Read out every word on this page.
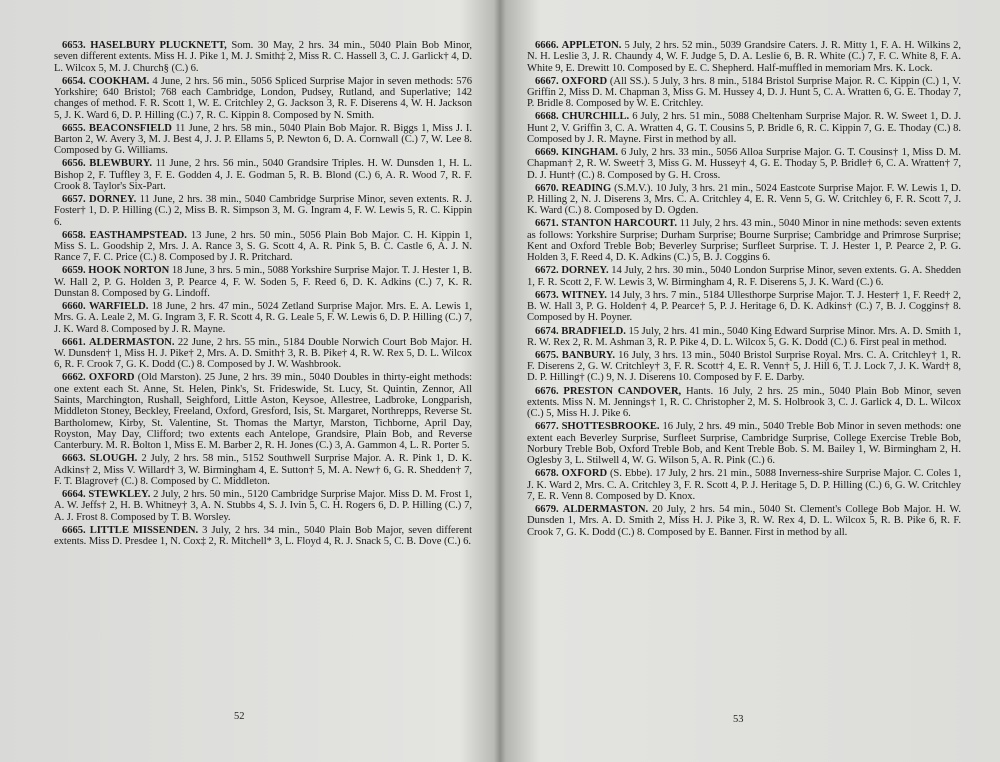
6653. HASELBURY PLUCKNETT, Som. 30 May, 2 hrs. 34 min., 5040 Plain Bob Minor, seven different extents. Miss H. J. Pike 1, M. J. Smith‡ 2, Miss R. C. Hassell 3, C. J. Garlick† 4, D. L. Wilcox 5, M. J. Church§ (C.) 6.

6654. COOKHAM. 4 June, 2 hrs. 56 min., 5056 Spliced Surprise Major in seven methods: 576 Yorkshire; 640 Bristol; 768 each Cambridge, London, Pudsey, Rutland, and Superlative; 142 changes of method. F. R. Scott 1, W. E. Critchley 2, G. Jackson 3, R. F. Diserens 4, W. H. Jackson 5, J. K. Ward 6, D. P. Hilling (C.) 7, R. C. Kippin 8. Composed by N. Smith.

6655. BEACONSFIELD 11 June, 2 hrs. 58 min., 5040 Plain Bob Major. R. Biggs 1, Miss J. I. Barton 2, W. Avery 3, M. J. Best 4, J. J. P. Ellams 5, P. Newton 6, D. A. Cornwall (C.) 7, W. Lee 8. Composed by G. Williams.

6656. BLEWBURY. 11 June, 2 hrs. 56 min., 5040 Grandsire Triples. H. W. Dunsden 1, H. L. Bishop 2, F. Tuffley 3, F. E. Godden 4, J. E. Godman 5, R. B. Blond (C.) 6, A. R. Wood 7, R. F. Crook 8. Taylor's Six-Part.

6657. DORNEY. 11 June, 2 hrs. 38 min., 5040 Cambridge Surprise Minor, seven extents. R. J. Foster† 1, D. P. Hilling (C.) 2, Miss B. R. Simpson 3, M. G. Ingram 4, F. W. Lewis 5, R. C. Kippin 6.

6658. EASTHAMPSTEAD. 13 June, 2 hrs. 50 min., 5056 Plain Bob Major. C. H. Kippin 1, Miss S. L. Goodship 2, Mrs. J. A. Rance 3, S. G. Scott 4, A. R. Pink 5, B. C. Castle 6, A. J. N. Rance 7, F. C. Price (C.) 8. Composed by J. R. Pritchard.

6659. HOOK NORTON 18 June, 3 hrs. 5 min., 5088 Yorkshire Surprise Major. T. J. Hester 1, B. W. Hall 2, P. G. Holden 3, P. Pearce 4, F. W. Soden 5, F. Reed 6, D. K. Adkins (C.) 7, K. R. Dunstan 8. Composed by G. Lindoff.

6660. WARFIELD. 18 June, 2 hrs. 47 min., 5024 Zetland Surprise Major. Mrs. E. A. Lewis 1, Mrs. G. A. Leale 2, M. G. Ingram 3, F. R. Scott 4, R. G. Leale 5, F. W. Lewis 6, D. P. Hilling (C.) 7, J. K. Ward 8. Composed by J. R. Mayne.

6661. ALDERMASTON. 22 June, 2 hrs. 55 min., 5184 Double Norwich Court Bob Major. H. W. Dunsden† 1, Miss H. J. Pike† 2, Mrs. A. D. Smith† 3, R. B. Pike† 4, R. W. Rex 5, D. L. Wilcox 6, R. F. Crook 7, G. K. Dodd (C.) 8. Composed by J. W. Washbrook.

6662. OXFORD (Old Marston). 25 June, 2 hrs. 39 min., 5040 Doubles in thirty-eight methods: one extent each St. Anne, St. Helen, Pink's, St. Frideswide, St. Lucy, St. Quintin, Zennor, All Saints, Marchington, Rushall, Seighford, Little Aston, Keysoe, Allestree, Ladbroke, Longparish, Middleton Stoney, Beckley, Freeland, Oxford, Gresford, Isis, St. Margaret, Northrepps, Reverse St. Bartholomew, Kirby, St. Valentine, St. Thomas the Martyr, Marston, Tichborne, April Day, Royston, May Day, Clifford; two extents each Antelope, Grandsire, Plain Bob, and Reverse Canterbury. M. R. Bolton 1, Miss E. M. Barber 2, R. H. Jones (C.) 3, A. Gammon 4, L. R. Porter 5.

6663. SLOUGH. 2 July, 2 hrs. 58 min., 5152 Southwell Surprise Major. A. R. Pink 1, D. K. Adkins† 2, Miss V. Willard† 3, W. Birmingham 4, E. Sutton† 5, M. A. New† 6, G. R. Shedden† 7, F. T. Blagrove† (C.) 8. Composed by C. Middleton.

6664. STEWKLEY. 2 July, 2 hrs. 50 min., 5120 Cambridge Surprise Major. Miss D. M. Frost 1, A. W. Jeffs† 2, H. B. Whitney† 3, A. N. Stubbs 4, S. J. Ivin 5, C. H. Rogers 6, D. P. Hilling (C.) 7, A. J. Frost 8. Composed by T. B. Worsley.

6665. LITTLE MISSENDEN. 3 July, 2 hrs. 34 min., 5040 Plain Bob Major, seven different extents. Miss D. Presdee 1, N. Cox‡ 2, R. Mitchell* 3, L. Floyd 4, R. J. Snack 5, C. B. Dove (C.) 6.

52

6666. APPLETON. 5 July, 2 hrs. 52 min., 5039 Grandsire Caters. J. R. Mitty 1, F. A. H. Wilkins 2, N. H. Leslie 3, J. R. Chaundy 4, W. F. Judge 5, D. A. Leslie 6, B. R. White (C.) 7, F. C. White 8, F. A. White 9, E. Drewitt 10. Composed by E. C. Shepherd. Half-muffled in memoriam Mrs. K. Lock.

6667. OXFORD (All SS.). 5 July, 3 hrs. 8 min., 5184 Bristol Surprise Major. R. C. Kippin (C.) 1, V. Griffin 2, Miss D. M. Chapman 3, Miss G. M. Hussey 4, D. J. Hunt 5, C. A. Wratten 6, G. E. Thoday 7, P. Bridle 8. Composed by W. E. Critchley.

6668. CHURCHILL. 6 July, 2 hrs. 51 min., 5088 Cheltenham Surprise Major. R. W. Sweet 1, D. J. Hunt 2, V. Griffin 3, C. A. Wratten 4, G. T. Cousins 5, P. Bridle 6, R. C. Kippin 7, G. E. Thoday (C.) 8. Composed by J. R. Mayne. First in method by all.

6669. KINGHAM. 6 July, 2 hrs. 33 min., 5056 Alloa Surprise Major. G. T. Cousins† 1, Miss D. M. Chapman† 2, R. W. Sweet† 3, Miss G. M. Hussey† 4, G. E. Thoday 5, P. Bridle† 6, C. A. Wratten† 7, D. J. Hunt† (C.) 8. Composed by G. H. Cross.

6670. READING (S.M.V.). 10 July, 3 hrs. 21 min., 5024 Eastcote Surprise Major. F. W. Lewis 1, D. P. Hilling 2, N. J. Diserens 3, Mrs. C. A. Critchley 4, E. R. Venn 5, G. W. Critchley 6, F. R. Scott 7, J. K. Ward (C.) 8. Composed by D. Ogden.

6671. STANTON HARCOURT. 11 July, 2 hrs. 43 min., 5040 Minor in nine methods: seven extents as follows: Yorkshire Surprise; Durham Surprise; Bourne Surprise; Cambridge and Primrose Surprise; Kent and Oxford Treble Bob; Beverley Surprise; Surfleet Surprise. T. J. Hester 1, P. Pearce 2, P. G. Holden 3, F. Reed 4, D. K. Adkins (C.) 5, B. J. Coggins 6.

6672. DORNEY. 14 July, 2 hrs. 30 min., 5040 London Surprise Minor, seven extents. G. A. Shedden 1, F. R. Scott 2, F. W. Lewis 3, W. Birmingham 4, R. F. Diserens 5, J. K. Ward (C.) 6.

6673. WITNEY. 14 July, 3 hrs. 7 min., 5184 Ullesthorpe Surprise Major. T. J. Hester† 1, F. Reed† 2, B. W. Hall 3, P. G. Holden† 4, P. Pearce† 5, P. J. Heritage 6, D. K. Adkins† (C.) 7, B. J. Coggins† 8. Composed by H. Poyner.

6674. BRADFIELD. 15 July, 2 hrs. 41 min., 5040 King Edward Surprise Minor. Mrs. A. D. Smith 1, R. W. Rex 2, R. M. Ashman 3, R. P. Pike 4, D. L. Wilcox 5, G. K. Dodd (C.) 6. First peal in method.

6675. BANBURY. 16 July, 3 hrs. 13 min., 5040 Bristol Surprise Royal. Mrs. C. A. Critchley† 1, R. F. Diserens 2, G. W. Critchley† 3, F. R. Scott† 4, E. R. Venn† 5, J. Hill 6, T. J. Lock 7, J. K. Ward† 8, D. P. Hilling† (C.) 9, N. J. Diserens 10. Composed by F. E. Darby.

6676. PRESTON CANDOVER, Hants. 16 July, 2 hrs. 25 min., 5040 Plain Bob Minor, seven extents. Miss N. M. Jennings† 1, R. C. Christopher 2, M. S. Holbrook 3, C. J. Garlick 4, D. L. Wilcox (C.) 5, Miss H. J. Pike 6.

6677. SHOTTESBROOKE. 16 July, 2 hrs. 49 min., 5040 Treble Bob Minor in seven methods: one extent each Beverley Surprise, Surfleet Surprise, Cambridge Surprise, College Exercise Treble Bob, Norbury Treble Bob, Oxford Treble Bob, and Kent Treble Bob. S. M. Bailey 1, W. Birmingham 2, H. Oglesby 3, L. Stilwell 4, W. G. Wilson 5, A. R. Pink (C.) 6.

6678. OXFORD (S. Ebbe). 17 July, 2 hrs. 21 min., 5088 Inverness-shire Surprise Major. C. Coles 1, J. K. Ward 2, Mrs. C. A. Critchley 3, F. R. Scott 4, P. J. Heritage 5, D. P. Hilling (C.) 6, G. W. Critchley 7, E. R. Venn 8. Composed by D. Knox.

6679. ALDERMASTON. 20 July, 2 hrs. 54 min., 5040 St. Clement's College Bob Major. H. W. Dunsden 1, Mrs. A. D. Smith 2, Miss H. J. Pike 3, R. W. Rex 4, D. L. Wilcox 5, R. B. Pike 6, R. F. Crook 7, G. K. Dodd (C.) 8. Composed by E. Banner. First in method by all.

53
